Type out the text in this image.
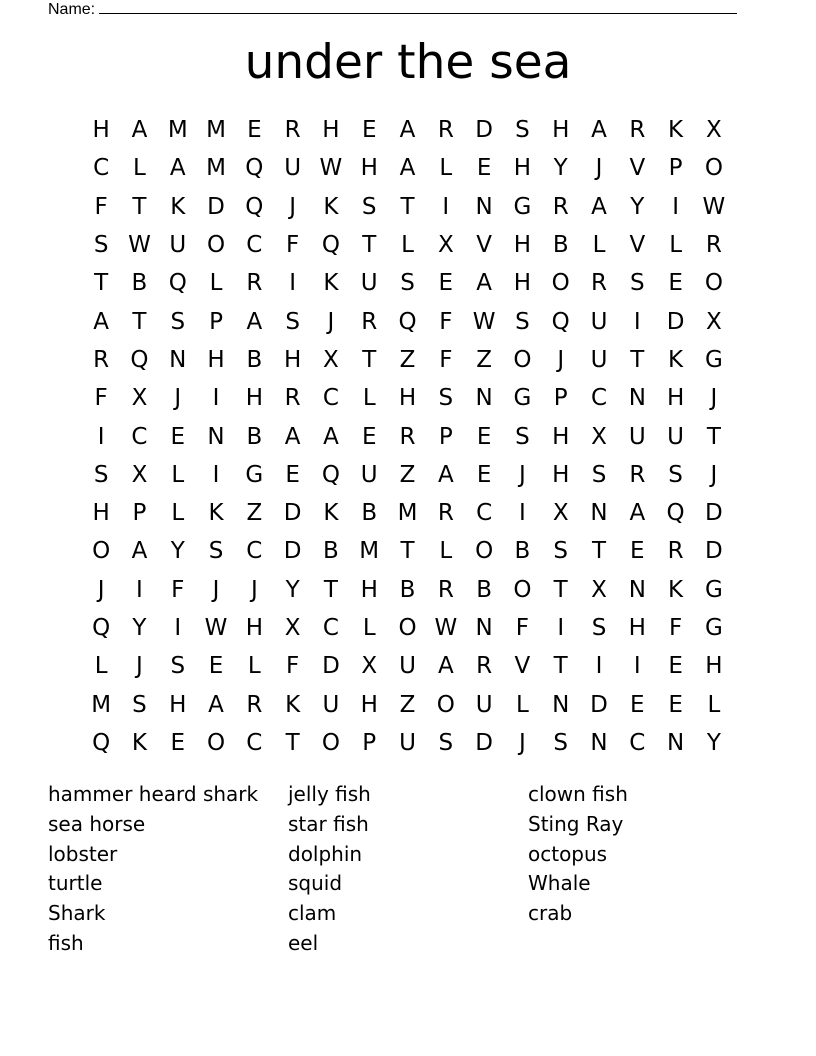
Name:
under the sea
H A M M E	R H E	A R D S H A R K X
C	L	A M Q U W H A	L	E H Y	J	V	P O
F	T	K D Q	J	K	S	T	I	N G R A	Y	I	W
S W U O C	F Q T	L	X V H B	L	V	L	R
T	B Q L	R	I	K U S	E	A H O R	S	E O
A	T	S	P	A	S	J	R Q F W S Q U	I	D X
R Q N H B H X	T	Z	F	Z O	J	U T	K G
F	X	J	I	H R C	L	H S N G P	C N H	J
I	C	E N B A A	E	R	P	E	S H X U U T
S	X	L	I	G E Q U Z A	E	J	H S	R	S	J
H P	L	K Z D K B M R C	I	X N A Q D
O A	Y	S C D B M T	L O B	S	T	E	R D
J	I	F	J	J	Y	T H B R B O T	X N K G
Q Y	I	W H X C	L O W N	F	I	S H	F G
L	J	S	E	L	F D X U A R V	T	I	I	E H
M S H A R K U H Z O U	L	N D E	E	L
Q K	E O C	T O P U S D	J	S N C N Y
hammer heard shark
sea horse
lobster
turtle
Shark
fish
jelly fish
star fish
dolphin
squid
clam
eel
clown fish
Sting Ray
octopus
Whale
crab
